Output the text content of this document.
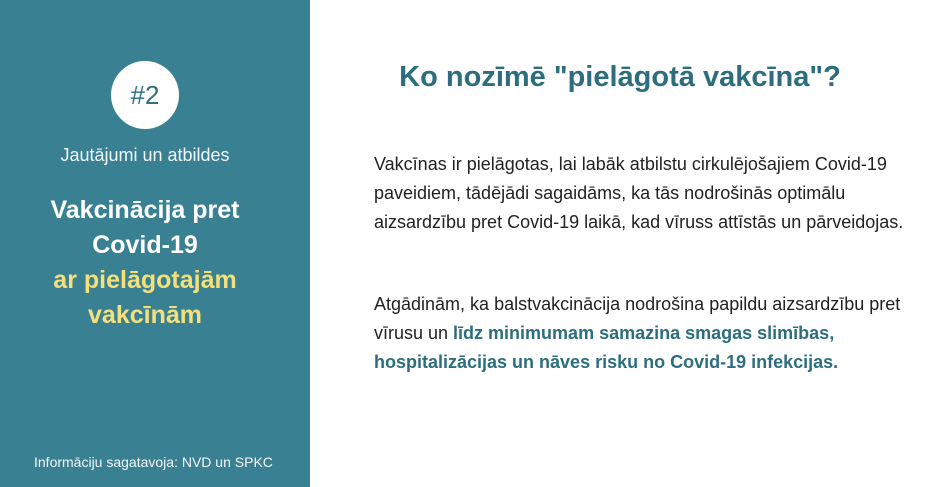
#2
Jautājumi un atbildes
Vakcinācija pret
Covid-19
ar pielāgotajām
vakcīnām
Informāciju sagatavoja: NVD un SPKC
Ko nozīmē "pielāgotā vakcīna"?
Vakcīnas ir pielāgotas, lai labāk atbilstu cirkulējošajiem Covid-19 paveidiem, tādējādi sagaidāms, ka tās nodrošinās optimālu aizsardzību pret Covid-19 laikā, kad vīruss attīstās un pārveidojas.
Atgādinām, ka balstvakcinācija nodrošina papildu aizsardzību pret vīrusu un līdz minimumam samazina smagas slimības, hospitalizācijas un nāves risku no Covid-19 infekcijas.
